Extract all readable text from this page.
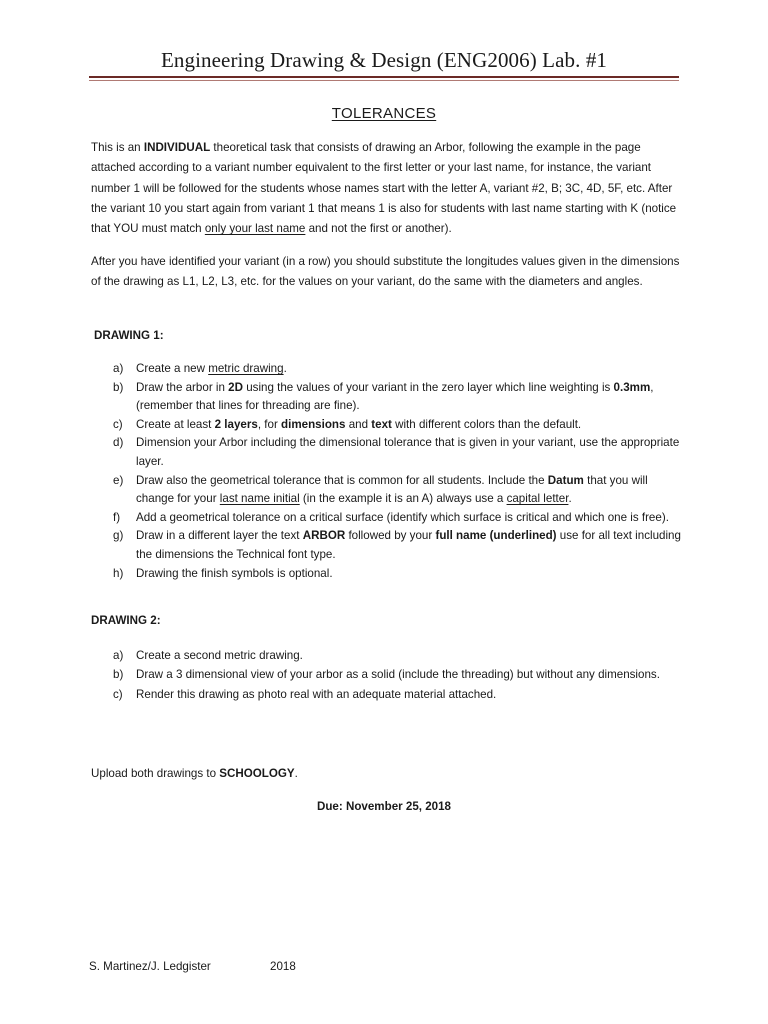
Engineering Drawing & Design (ENG2006) Lab. #1
TOLERANCES

This is an INDIVIDUAL theoretical task that consists of drawing an Arbor, following the example in the page attached according to a variant number equivalent to the first letter or your last name, for instance, the variant number 1 will be followed for the students whose names start with the letter A, variant #2, B; 3C, 4D, 5F, etc. After the variant 10 you start again from variant 1 that means 1 is also for students with last name starting with K (notice that YOU must match only your last name and not the first or another).

After you have identified your variant (in a row) you should substitute the longitudes values given in the dimensions of the drawing as L1, L2, L3, etc. for the values on your variant, do the same with the diameters and angles.

DRAWING 1:

a) Create a new metric drawing.
b) Draw the arbor in 2D using the values of your variant in the zero layer which line weighting is 0.3mm, (remember that lines for threading are fine).
c) Create at least 2 layers, for dimensions and text with different colors than the default.
d) Dimension your Arbor including the dimensional tolerance that is given in your variant, use the appropriate layer.
e) Draw also the geometrical tolerance that is common for all students. Include the Datum that you will change for your last name initial (in the example it is an A) always use a capital letter.
f) Add a geometrical tolerance on a critical surface (identify which surface is critical and which one is free).
g) Draw in a different layer the text ARBOR followed by your full name (underlined) use for all text including the dimensions the Technical font type.
h) Drawing the finish symbols is optional.

DRAWING 2:

a) Create a second metric drawing.
b) Draw a 3 dimensional view of your arbor as a solid (include the threading) but without any dimensions.
c) Render this drawing as photo real with an adequate material attached.

Upload both drawings to SCHOOLOGY.

Due: November 25, 2018

S. Martinez/J. Ledgister	2018
